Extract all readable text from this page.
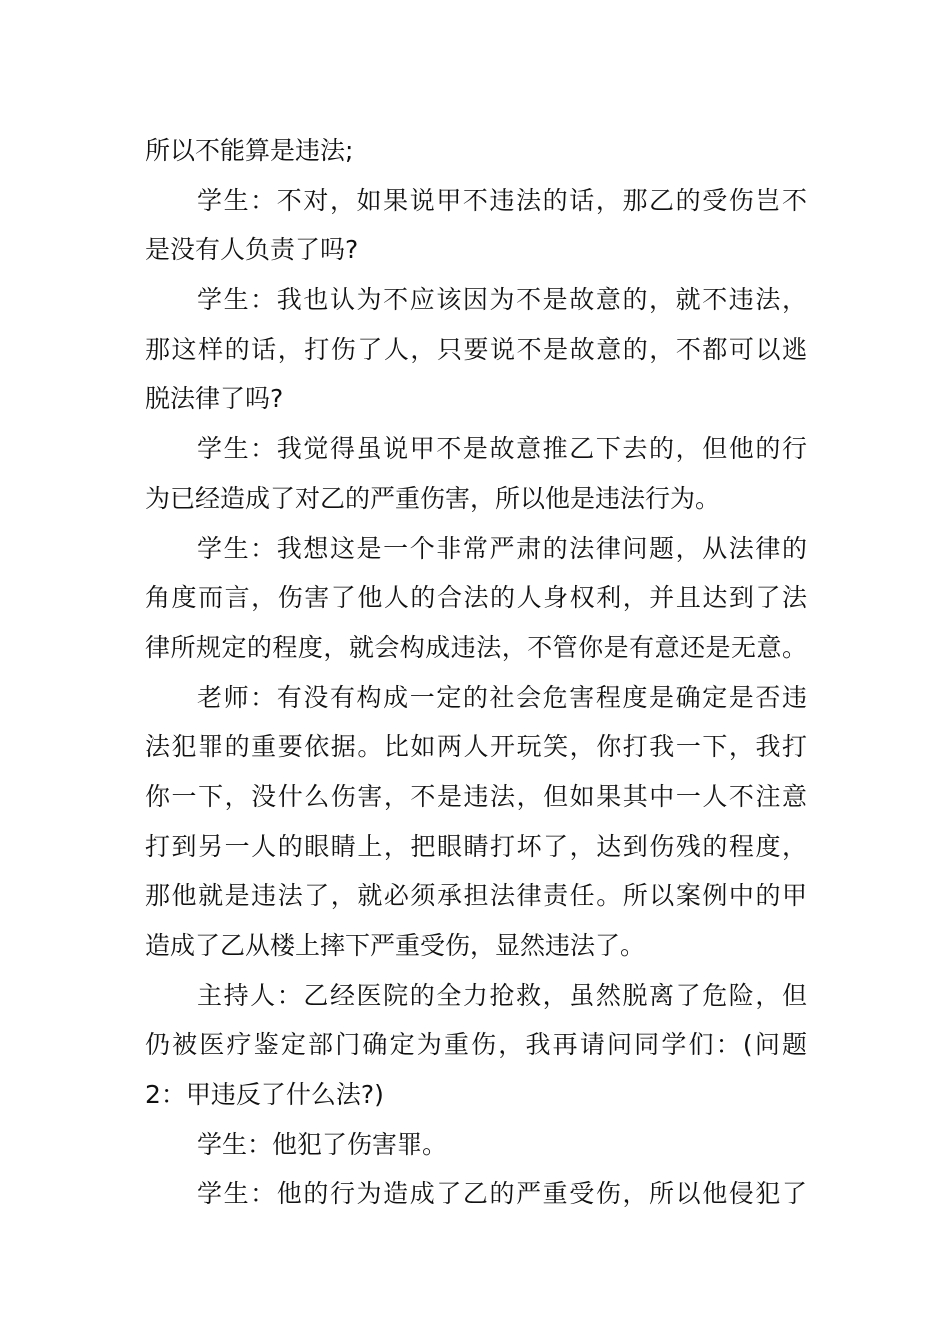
所以不能算是违法;
学生：不对，如果说甲不违法的话，那乙的受伤岂不
是没有人负责了吗?
学生：我也认为不应该因为不是故意的，就不违法，
那这样的话，打伤了人，只要说不是故意的，不都可以逃
脱法律了吗?
学生：我觉得虽说甲不是故意推乙下去的，但他的行
为已经造成了对乙的严重伤害，所以他是违法行为。
学生：我想这是一个非常严肃的法律问题，从法律的
角度而言，伤害了他人的合法的人身权利，并且达到了法
律所规定的程度，就会构成违法，不管你是有意还是无意。
老师：有没有构成一定的社会危害程度是确定是否违
法犯罪的重要依据。比如两人开玩笑，你打我一下，我打
你一下，没什么伤害，不是违法，但如果其中一人不注意
打到另一人的眼睛上，把眼睛打坏了，达到伤残的程度，
那他就是违法了，就必须承担法律责任。所以案例中的甲
造成了乙从楼上摔下严重受伤，显然违法了。
主持人：乙经医院的全力抢救，虽然脱离了危险，但
仍被医疗鉴定部门确定为重伤，我再请问同学们：(问题
2：甲违反了什么法?)
学生：他犯了伤害罪。
学生：他的行为造成了乙的严重受伤，所以他侵犯了
